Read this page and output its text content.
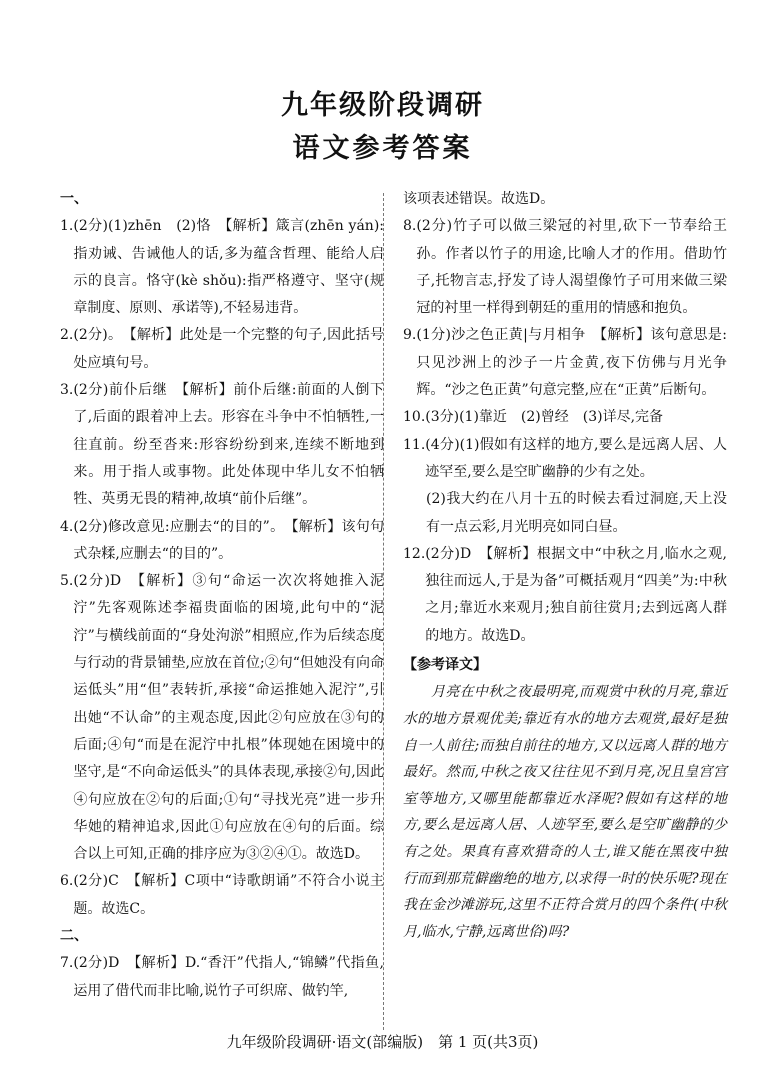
九年级阶段调研
语文参考答案
一、
1. (2分)(1)zhēn　(2)恪　【解析】箴言(zhēn yán):指劝诫、告诫他人的话,多为蕴含哲理、能给人启示的良言。恪守(kè shǒu):指严格遵守、坚守(规章制度、原则、承诺等),不轻易违背。
2. (2分)。　【解析】此处是一个完整的句子,因此括号处应填句号。
3. (2分)前仆后继　【解析】前仆后继:前面的人倒下了,后面的跟着冲上去。形容在斗争中不怕牺牲,一往直前。纷至沓来:形容纷纷到来,连续不断地到来。用于指人或事物。此处体现中华儿女不怕牺牲、英勇无畏的精神,故填“前仆后继”。
4. (2分)修改意见:应删去“的目的”。　【解析】该句句式杂糅,应删去“的目的”。
5. (2分)D　【解析】③句“命运一次次将她推入泥泞”先客观陈述李福贵面临的困境,此句中的“泥泞”与横线前面的“身处泃淤”相照应,作为后续态度与行动的背景铺垫,应放在首位;②句“但她没有向命运低头”用“但”表转折,承接“命运推她入泥泞”,引出她“不认命”的主观态度,因此②句应放在③句的后面;④句“而是在泥泞中扎根”体现她在困境中的坚守,是“不向命运低头”的具体表现,承接②句,因此④句应放在②句的后面;①句“寻找光亮”进一步升华她的精神追求,因此①句应放在④句的后面。综合以上可知,正确的排序应为③②④①。故选D。
6. (2分)C　【解析】C项中“诗歌朗诵”不符合小说主题。故选C。
二、
7. (2分)D　【解析】D.“香汗”代指人,“锦鳞”代指鱼,运用了借代而非比喻,说竹子可织席、做钓竿,
该项表述错误。故选D。
8. (2分)竹子可以做三梁冠的衬里,砍下一节奉给王孙。作者以竹子的用途,比喻人才的作用。借助竹子,托物言志,抒发了诗人渴望像竹子可用来做三梁冠的衬里一样得到朝廷的重用的情感和抱负。
9. (1分)沙之色正黄|与月相争　【解析】该句意思是:只见沙洲上的沙子一片金黄,夜下仿佛与月光争辉。“沙之色正黄”句意完整,应在“正黄”后断句。
10. (3分)(1)靠近　(2)曾经　(3)详尽,完备
11. (4分)(1)假如有这样的地方,要么是远离人居、人迹罕至,要么是空旷幽静的少有之处。
(2)我大约在八月十五的时候去看过洞庭,天上没有一点云彩,月光明亮如同白昼。
12. (2分)D　【解析】根据文中“中秋之月,临水之观,独往而远人,于是为备”可概括观月“四美”为:中秋之月;靠近水来观月;独自前往赏月;去到远离人群的地方。故选D。
【参考译文】
月亮在中秋之夜最明亮,而观赏中秋的月亮,靠近水的地方景观优美;靠近有水的地方去观赏,最好是独自一人前往;而独自前往的地方,又以远离人群的地方最好。然而,中秋之夜又往往见不到月亮,况且皇宫宫室等地方,又哪里能都靠近水泽呢?假如有这样的地方,要么是远离人居、人迹罕至,要么是空旷幽静的少有之处。果真有喜欢猎奇的人士,谁又能在黑夜中独行而到那荒僻幽绝的地方,以求得一时的快乐呢?现在我在金沙滩游玩,这里不正符合赏月的四个条件(中秋月,临水,宁静,远离世俗)吗?
九年级阶段调研·语文(部编版)　第 1 页(共3页)
